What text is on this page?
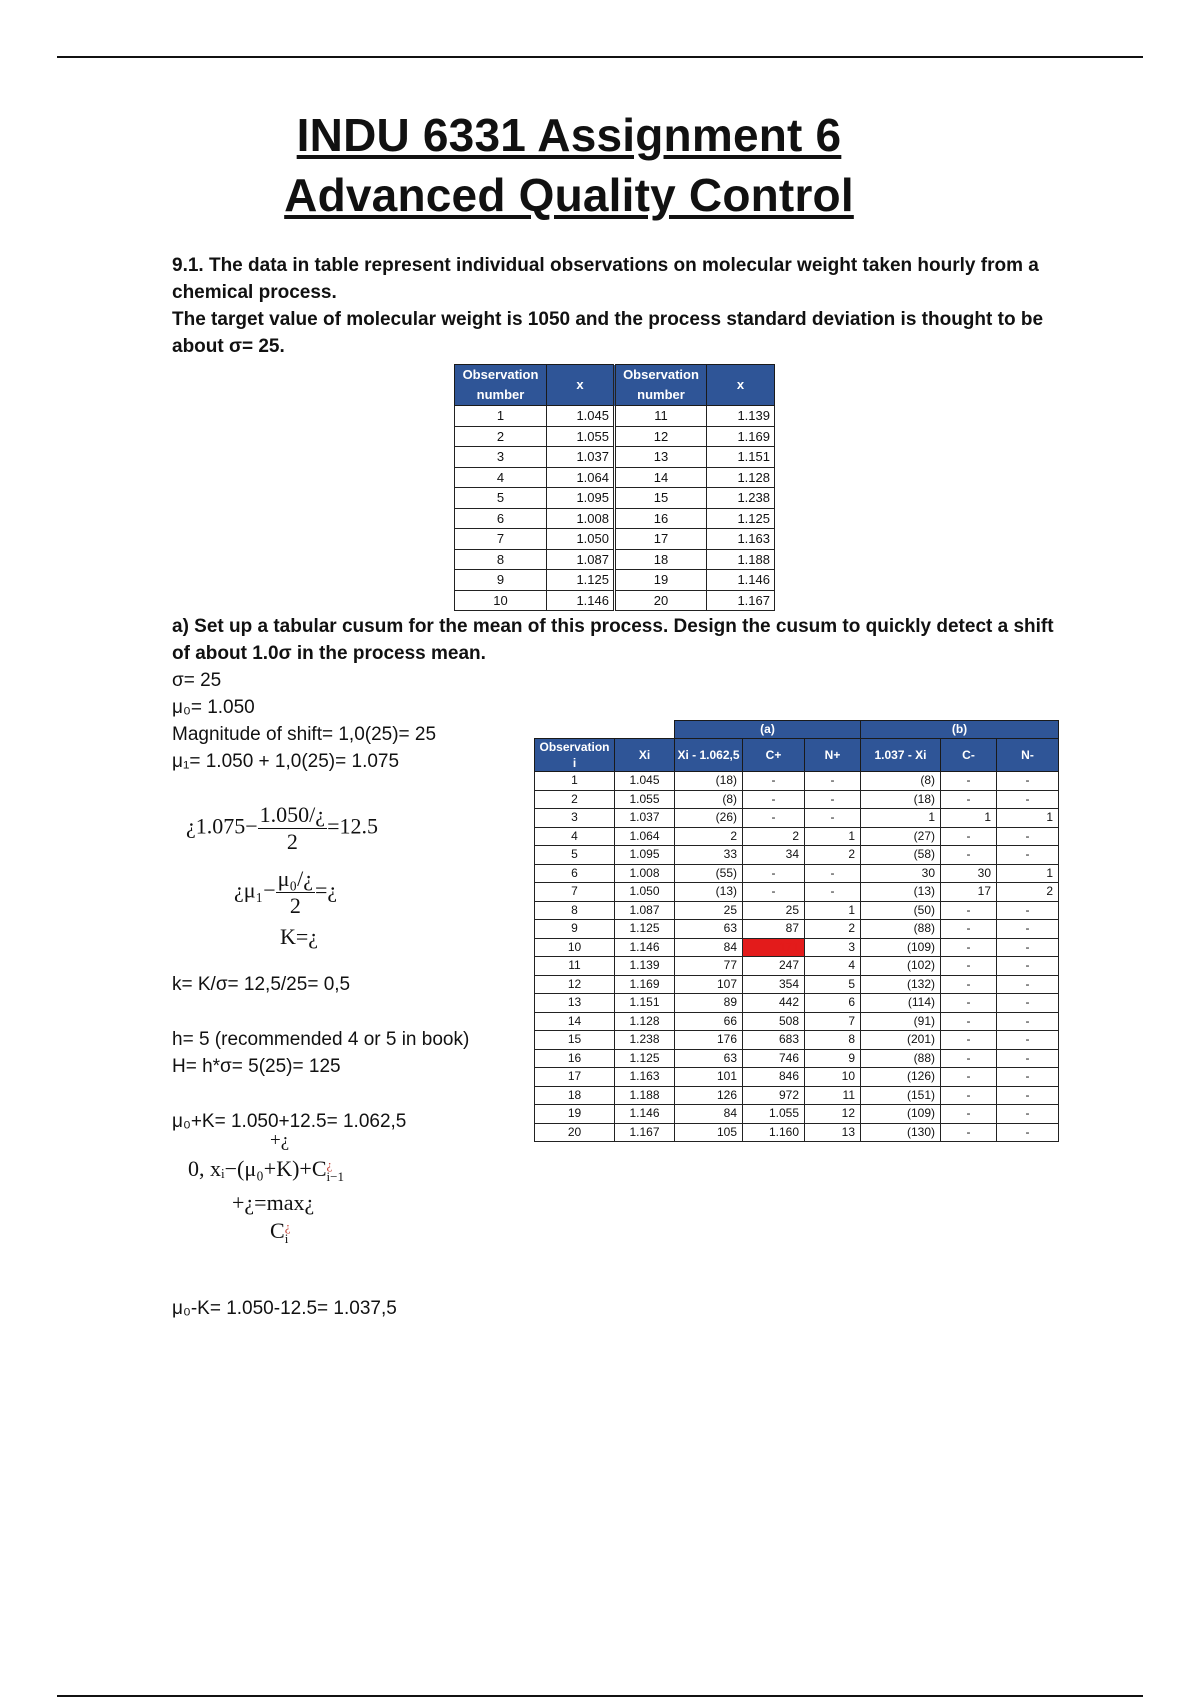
INDU 6331 Assignment 6
Advanced Quality Control
9.1. The data in table represent individual observations on molecular weight taken hourly from a
chemical process.
The target value of molecular weight is 1050 and the process standard deviation is thought to be
about σ= 25.
Observation number	x	Observation number	x
1	1.045	11	1.139
2	1.055	12	1.169
3	1.037	13	1.151
4	1.064	14	1.128
5	1.095	15	1.238
6	1.008	16	1.125
7	1.050	17	1.163
8	1.087	18	1.188
9	1.125	19	1.146
10	1.146	20	1.167
a) Set up a tabular cusum for the mean of this process. Design the cusum to quickly detect a shift
of about 1.0σ in the process mean.
σ= 25
μ₀= 1.050
Magnitude of shift= 1,0(25)= 25
μ₁= 1.050 + 1,0(25)= 1.075
¿$1.075- \frac{1.050/¿}{2} =12.5$
¿$\mu_1- \frac{\text{μ₀/¿}}{2}$ =¿
K=¿
k= K/σ= 12,5/25= 0,5
h= 5 (recommended 4 or 5 in book)
H= h*σ= 5(25)= 125
μ₀+K= 1.050+12.5= 1.062,5
+¿
0, xᵢ−(μ₀+K)+C ¿
i−1
+¿=max¿
C ¿
i
μ₀-K= 1.050-12.5= 1.037,5
		(a)			(b)		
Observation i	Xi	Xi - 1.062,5	C+	N+	1.037 - Xi	C-	N-
1	1.045	(18)	-	-	(8)	-	-
2	1.055	(8)	-	-	(18)	-	-
3	1.037	(26)	-	-	1	1	1
4	1.064	2	2	1	(27)	-	-
5	1.095	33	34	2	(58)	-	-
6	1.008	(55)	-	-	30	30	1
7	1.050	(13)	-	-	(13)	17	2
8	1.087	25	25	1	(50)	-	-
9	1.125	63	87	2	(88)	-	-
10	1.146	84	171	3	(109)	-	-
11	1.139	77	247	4	(102)	-	-
12	1.169	107	354	5	(132)	-	-
13	1.151	89	442	6	(114)	-	-
14	1.128	66	508	7	(91)	-	-
15	1.238	176	683	8	(201)	-	-
16	1.125	63	746	9	(88)	-	-
17	1.163	101	846	10	(126)	-	-
18	1.188	126	972	11	(151)	-	-
19	1.146	84	1.055	12	(109)	-	-
20	1.167	105	1.160	13	(130)	-	-
